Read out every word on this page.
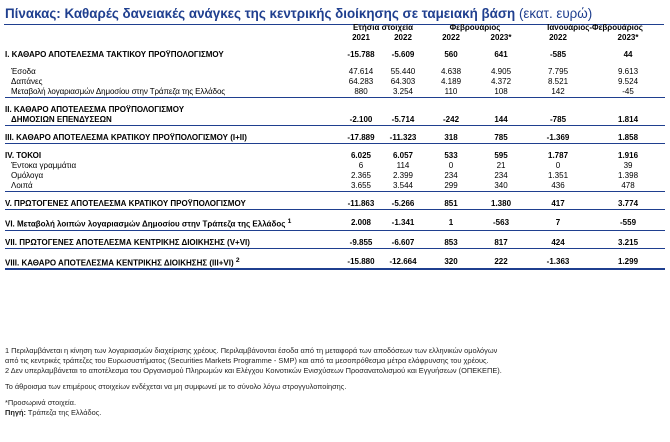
Πίνακας: Καθαρές δανειακές ανάγκες της κεντρικής διοίκησης σε ταμειακή βάση (εκατ. ευρώ)
	Ετήσια στοιχεία		Φεβρουάριος		Ιανουάριος-Φεβρουάριος	
	2021	2022	2022	2023*	2022	2023*

Ι. ΚΑΘΑΡΟ ΑΠΟΤΕΛΕΣΜΑ ΤΑΚΤΙΚΟΥ ΠΡΟΫΠΟΛΟΓΙΣΜΟΥ	-15.788	-5.609	560	641	-585	44

Έσοδα	47.614	55.440	4.638	4.905	7.795	9.613
Δαπάνες	64.283	64.303	4.189	4.372	8.521	9.524
Μεταβολή λογαριασμών Δημοσίου στην Τράπεζα της Ελλάδος	880	3.254	110	108	142	-45

ΙΙ. ΚΑΘΑΡΟ ΑΠΟΤΕΛΕΣΜΑ ΠΡΟΫΠΟΛΟΓΙΣΜΟΥ						
ΔΗΜΟΣΙΩΝ ΕΠΕΝΔΥΣΕΩΝ	-2.100	-5.714	-242	144	-785	1.814

ΙΙΙ. ΚΑΘΑΡΟ ΑΠΟΤΕΛΕΣΜΑ ΚΡΑΤΙΚΟΥ ΠΡΟΫΠΟΛΟΓΙΣΜΟΥ (Ι+ΙΙ)	-17.889	-11.323	318	785	-1.369	1.858

ΙV. ΤΟΚΟΙ	6.025	6.057	533	595	1.787	1.916
Έντοκα γραμμάτια	6	114	0	21	0	39
Ομόλογα	2.365	2.399	234	234	1.351	1.398
Λοιπά	3.655	3.544	299	340	436	478

V. ΠΡΩΤΟΓΕΝΕΣ ΑΠΟΤΕΛΕΣΜΑ ΚΡΑΤΙΚΟΥ ΠΡΟΫΠΟΛΟΓΙΣΜΟΥ	-11.863	-5.266	851	1.380	417	3.774

VI. Μεταβολή λοιπών λογαριασμών Δημοσίου στην Τράπεζα της Ελλάδος $^1$	2.008	-1.341	1	-563	7	-559

VII. ΠΡΩΤΟΓΕΝΕΣ ΑΠΟΤΕΛΕΣΜΑ ΚΕΝΤΡΙΚΗΣ ΔΙΟΙΚΗΣΗΣ (V+VI)	-9.855	-6.607	853	817	424	3.215

VIII. ΚΑΘΑΡΟ ΑΠΟΤΕΛΕΣΜΑ ΚΕΝΤΡΙΚΗΣ ΔΙΟΙΚΗΣΗΣ (ΙΙΙ+VI) $^2$	-15.880	-12.664	320	222	-1.363	1.299

1 Περιλαμβάνεται η κίνηση των λογαριασμών διαχείρισης χρέους. Περιλαμβάνονται έσοδα από τη μεταφορά των αποδόσεων των ελληνικών ομολόγων

από τις κεντρικές τράπεζες του Ευρωσυστήματος (Securities Markets Programme - SMP) και από τα μεσοπρόθεσμα μέτρα ελάφρυνσης του χρέους.

2 Δεν υπερλαμβάνεται το αποτέλεσμα του Οργανισμού Πληρωμών και Ελέγχου Κοινοτικών Ενισχύσεων Προσανατολισμού και Εγγυήσεων (ΟΠΕΚΕΠΕ).

Το άθροισμα των επιμέρους στοιχείων ενδέχεται να μη συμφωνεί με το σύνολο λόγω στρογγυλοποίησης.

*Προσωρινά στοιχεία.

Πηγή: Τράπεζα της Ελλάδος.
